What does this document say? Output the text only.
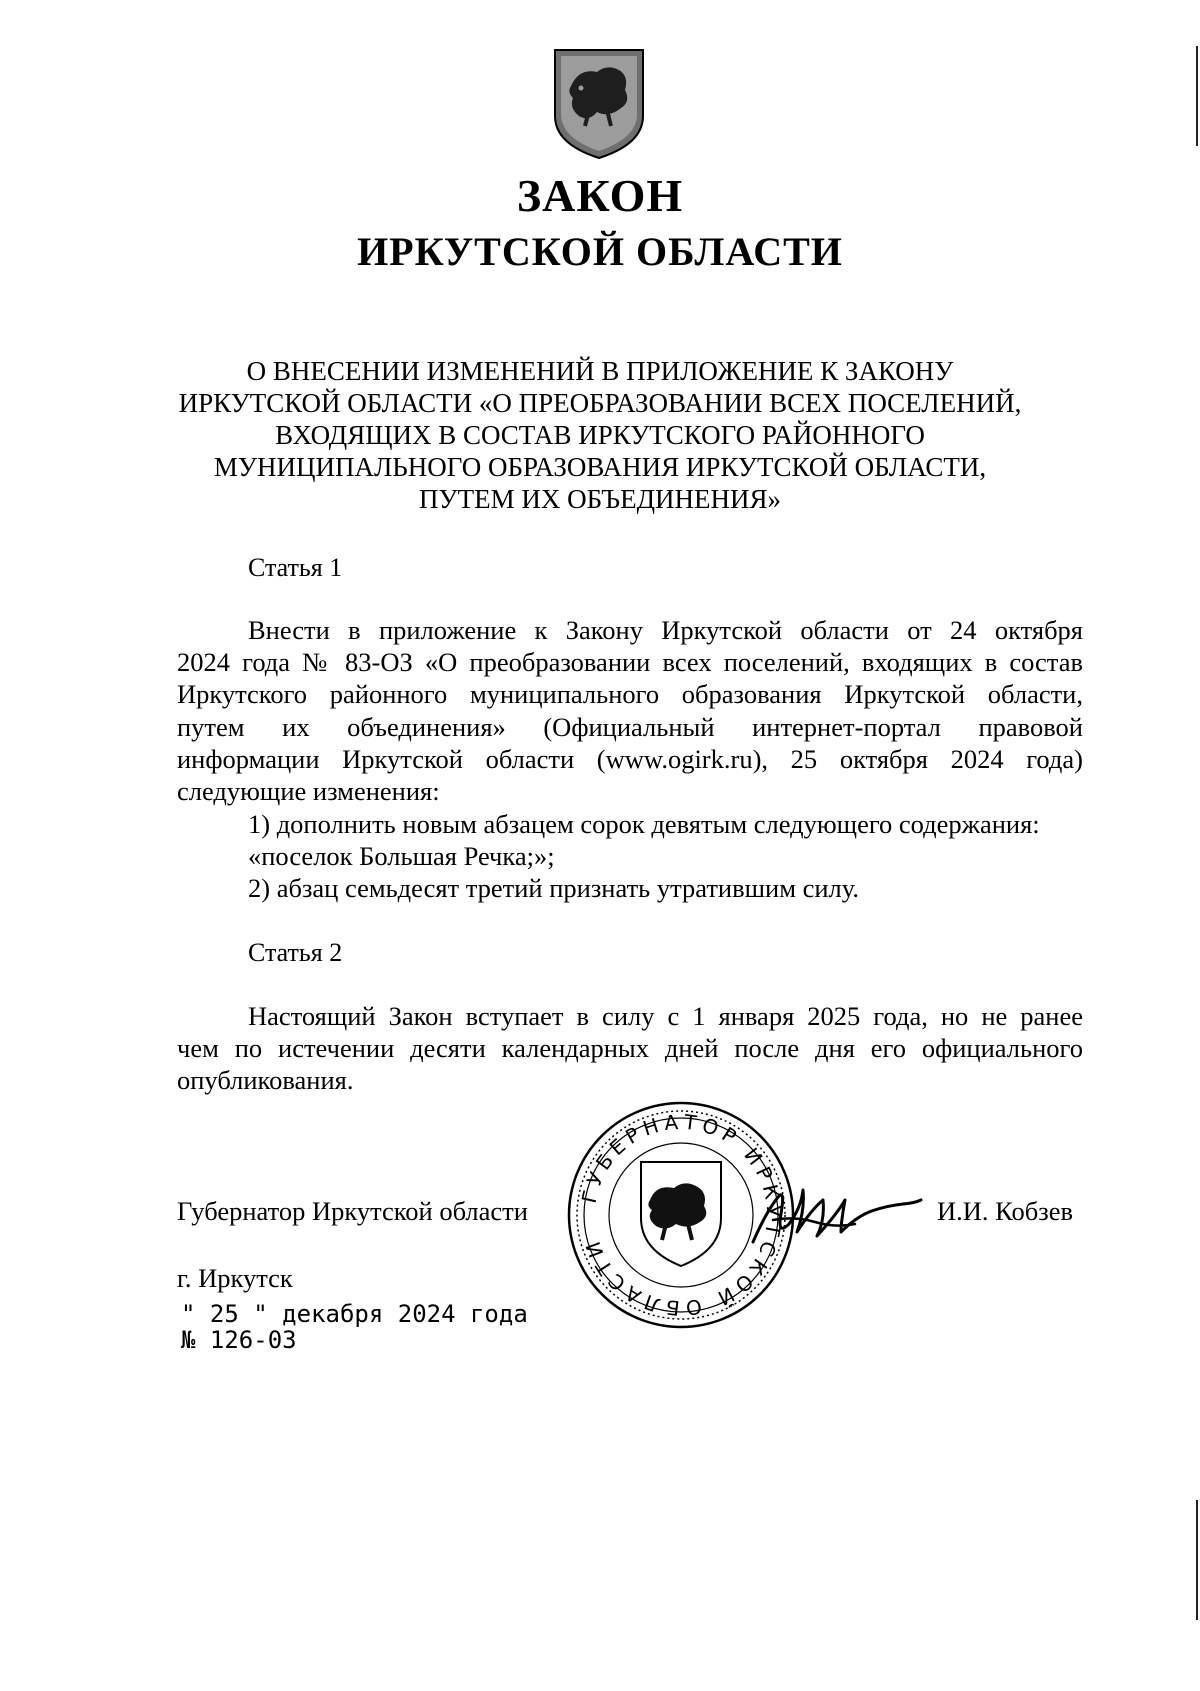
ЗАКОН
ИРКУТСКОЙ ОБЛАСТИ
О ВНЕСЕНИИ ИЗМЕНЕНИЙ В ПРИЛОЖЕНИЕ К ЗАКОНУ
ИРКУТСКОЙ ОБЛАСТИ «О ПРЕОБРАЗОВАНИИ ВСЕХ ПОСЕЛЕНИЙ,
ВХОДЯЩИХ В СОСТАВ ИРКУТСКОГО РАЙОННОГО
МУНИЦИПАЛЬНОГО ОБРАЗОВАНИЯ ИРКУТСКОЙ ОБЛАСТИ,
ПУТЕМ ИХ ОБЪЕДИНЕНИЯ»
Статья 1
Внести в приложение к Закону Иркутской области от 24 октября
2024 года № 83-ОЗ «О преобразовании всех поселений, входящих в состав
Иркутского районного муниципального образования Иркутской области,
путем их объединения» (Официальный интернет-портал правовой
информации Иркутской области (www.ogirk.ru), 25 октября 2024 года)
следующие изменения:
1) дополнить новым абзацем сорок девятым следующего содержания:
«поселок Большая Речка;»;
2) абзац семьдесят третий признать утратившим силу.
Статья 2
Настоящий Закон вступает в силу с 1 января 2025 года, но не ранее
чем по истечении десяти календарных дней после дня его официального
опубликования.
ГУБЕРНАТОР ИРКУТСКОЙ ОБЛАСТИ
Губернатор Иркутской области	И.И. Кобзев
г. Иркутск
" 25 " декабря 2024 года
№ 126-03
